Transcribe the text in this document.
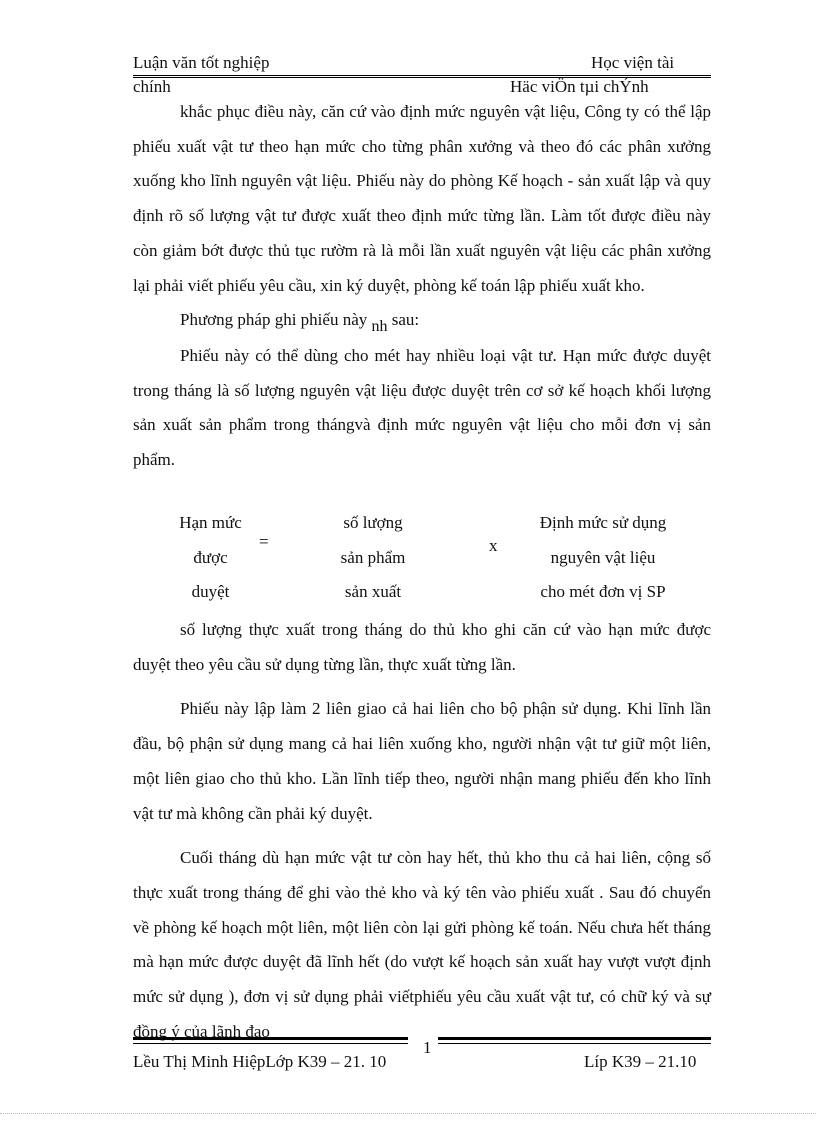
Luận văn tốt nghiệp	Học viện tài
chính	Häc viÖn tµi chÝnh

khắc phục điều này, căn cứ vào định mức nguyên vật liệu, Công ty có thể lập phiếu xuất vật tư theo hạn mức cho từng phân xưởng và theo đó các phân xưởng xuống kho lĩnh nguyên vật liệu. Phiếu này do phòng Kế hoạch - sản xuất lập và quy định rõ số lượng vật tư được xuất theo định mức từng lần. Làm tốt được điều này còn giảm bớt được thủ tục rườm rà là mỗi lần xuất nguyên vật liệu các phân xưởng lại phải viết phiếu yêu cầu, xin ký duyệt, phòng kế toán lập phiếu xuất kho.

Phương pháp ghi phiếu này nh sau:

Phiếu này có thể dùng cho mét hay nhiều loại vật tư. Hạn mức được duyệt trong tháng là số lượng nguyên vật liệu được duyệt trên cơ sở kế hoạch khối lượng sản xuất sản phẩm trong thángvà định mức nguyên vật liệu cho mỗi đơn vị sản phẩm.

Hạn mức
được
duyệt
=
số lượng
sản phẩm
sản xuất
x
Định mức sử dụng
nguyên vật liệu
cho mét đơn vị SP

số lượng thực xuất trong tháng do thủ kho ghi căn cứ vào hạn mức được duyệt theo yêu cầu sử dụng từng lần, thực xuất từng lần.

Phiếu này lập làm 2 liên giao cả hai liên cho bộ phận sử dụng. Khi lĩnh lần đầu, bộ phận sử dụng mang cả hai liên xuống kho, người nhận vật tư giữ một liên, một liên giao cho thủ kho. Lần lĩnh tiếp theo, người nhận mang phiếu đến kho lĩnh vật tư mà không cần phải ký duyệt.

Cuối tháng dù hạn mức vật tư còn hay hết, thủ kho thu cả hai liên, cộng số thực xuất trong tháng để ghi vào thẻ kho và ký tên vào phiếu xuất . Sau đó chuyển về phòng kế hoạch một liên, một liên còn lại gửi phòng kế toán. Nếu chưa hết tháng mà hạn mức được duyệt đã lĩnh hết (do vượt kế hoạch sản xuất hay vượt vượt định mức sử dụng ), đơn vị sử dụng phải viếtphiếu yêu cầu xuất vật tư, có chữ ký và sự đồng ý của lãnh đạo

1
Lều Thị Minh HiệpLớp K39 – 21. 10	Líp K39 – 21.10
